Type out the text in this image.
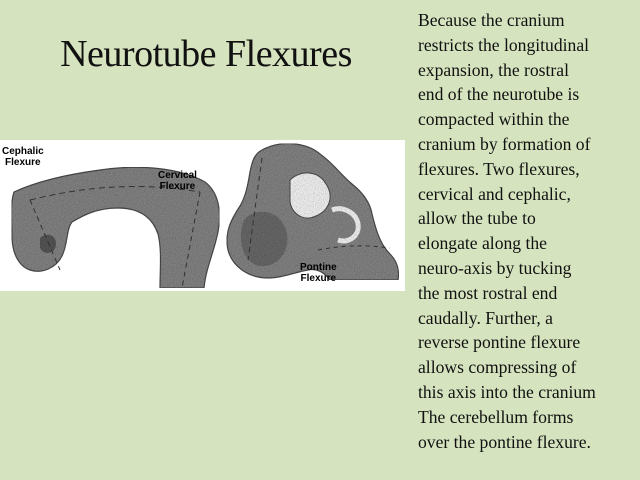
Neurotube Flexures
Cephalic
Flexure
Cervical
Flexure
Pontine
Flexure
Because the cranium
restricts the longitudinal
expansion, the rostral
end of the neurotube is
compacted within the
cranium by formation of
flexures. Two flexures,
cervical and cephalic,
allow the tube to
elongate along the
neuro-axis by tucking
the most rostral end
caudally. Further, a
reverse pontine flexure
allows compressing of
this axis into the cranium
The cerebellum forms
over the pontine flexure.
